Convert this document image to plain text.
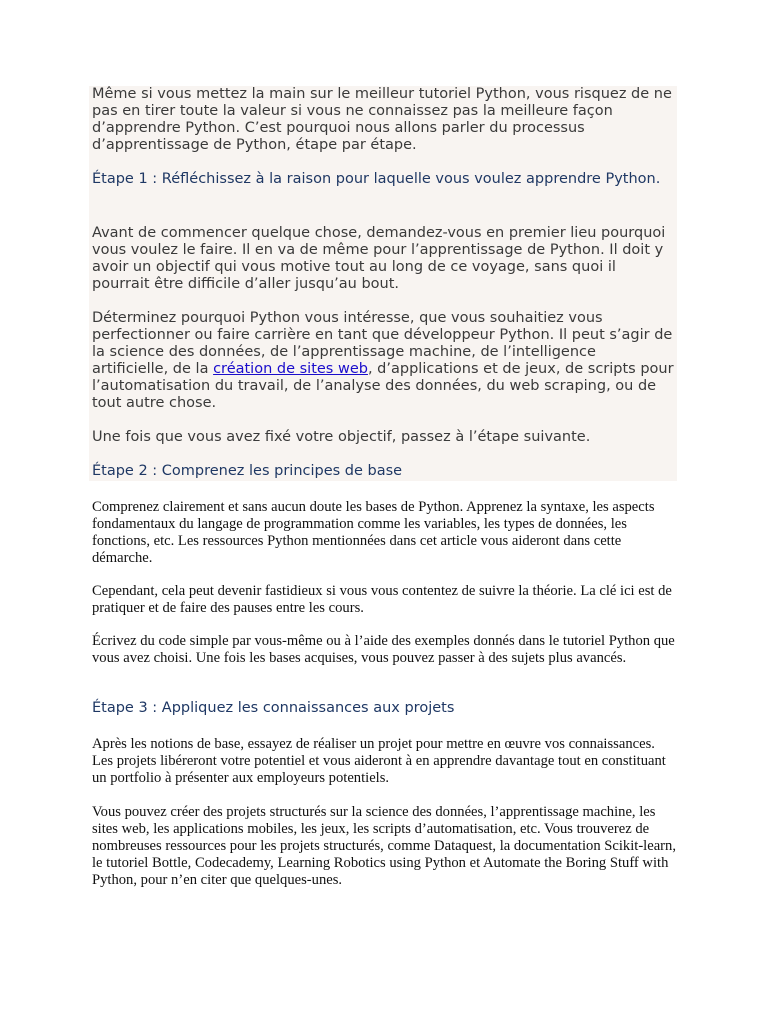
Même si vous mettez la main sur le meilleur tutoriel Python, vous risquez de ne pas en tirer toute la valeur si vous ne connaissez pas la meilleure façon d’apprendre Python. C’est pourquoi nous allons parler du processus d’apprentissage de Python, étape par étape.

Étape 1 : Réfléchissez à la raison pour laquelle vous voulez apprendre Python.

Avant de commencer quelque chose, demandez-vous en premier lieu pourquoi vous voulez le faire. Il en va de même pour l’apprentissage de Python. Il doit y avoir un objectif qui vous motive tout au long de ce voyage, sans quoi il pourrait être difficile d’aller jusqu’au bout.

Déterminez pourquoi Python vous intéresse, que vous souhaitiez vous perfectionner ou faire carrière en tant que développeur Python. Il peut s’agir de la science des données, de l’apprentissage machine, de l’intelligence artificielle, de la création de sites web, d’applications et de jeux, de scripts pour l’automatisation du travail, de l’analyse des données, du web scraping, ou de tout autre chose.

Une fois que vous avez fixé votre objectif, passez à l’étape suivante.

Étape 2 : Comprenez les principes de base

Comprenez clairement et sans aucun doute les bases de Python. Apprenez la syntaxe, les aspects fondamentaux du langage de programmation comme les variables, les types de données, les fonctions, etc. Les ressources Python mentionnées dans cet article vous aideront dans cette démarche.

Cependant, cela peut devenir fastidieux si vous vous contentez de suivre la théorie. La clé ici est de pratiquer et de faire des pauses entre les cours.

Écrivez du code simple par vous-même ou à l’aide des exemples donnés dans le tutoriel Python que vous avez choisi. Une fois les bases acquises, vous pouvez passer à des sujets plus avancés.

Étape 3 : Appliquez les connaissances aux projets

Après les notions de base, essayez de réaliser un projet pour mettre en œuvre vos connaissances. Les projets libéreront votre potentiel et vous aideront à en apprendre davantage tout en constituant un portfolio à présenter aux employeurs potentiels.

Vous pouvez créer des projets structurés sur la science des données, l’apprentissage machine, les sites web, les applications mobiles, les jeux, les scripts d’automatisation, etc. Vous trouverez de nombreuses ressources pour les projets structurés, comme Dataquest, la documentation Scikit-learn, le tutoriel Bottle, Codecademy, Learning Robotics using Python et Automate the Boring Stuff with Python, pour n’en citer que quelques-unes.
